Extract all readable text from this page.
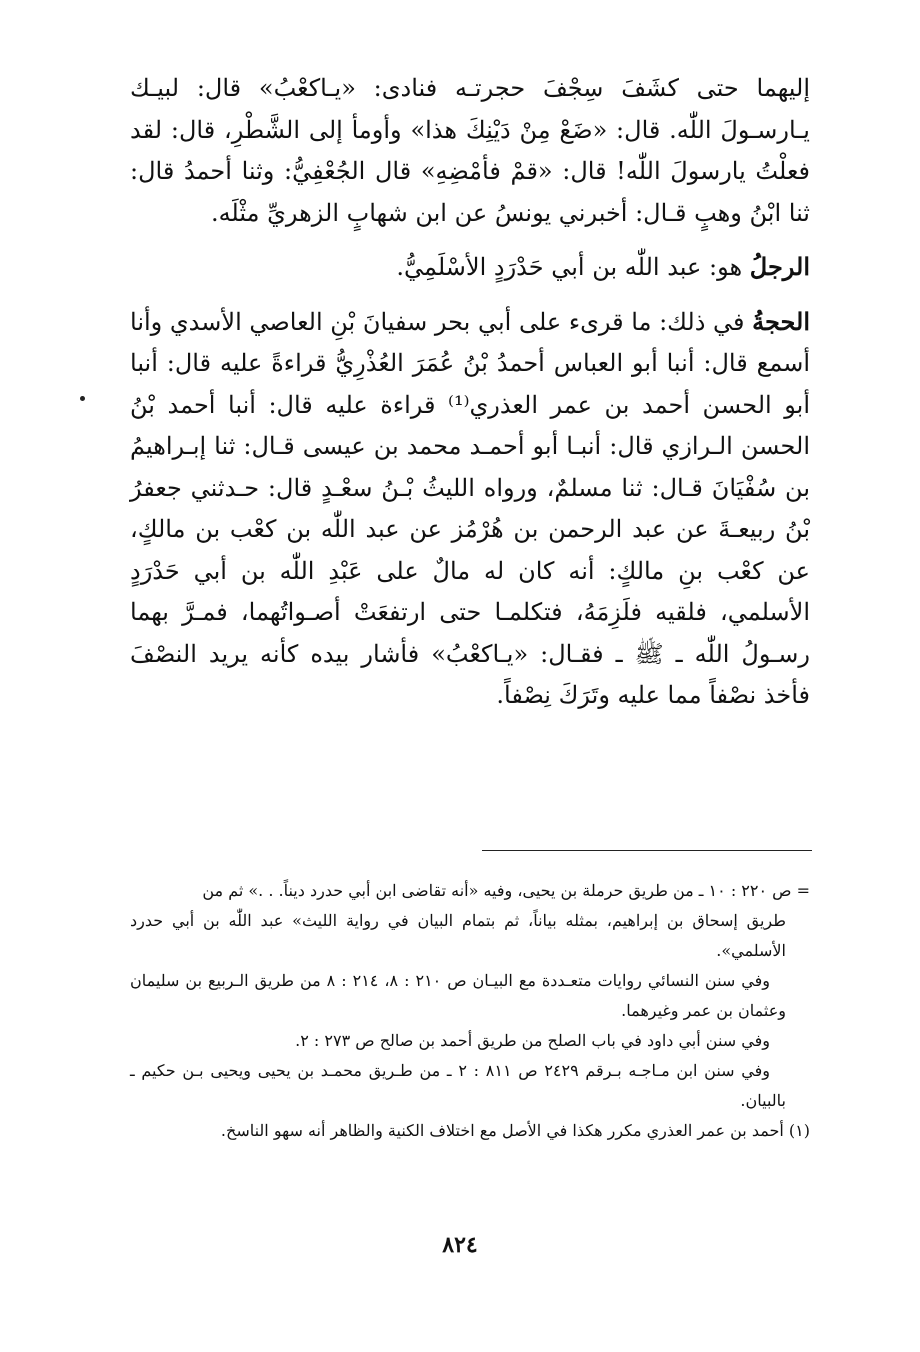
إليهما حتى كشَفَ سِجْفَ حجرتـه فنادى: «يـاكعْبُ» قال: لبيـك يـارسـولَ اللّٰه. قال: «ضَعْ مِنْ دَيْنِكَ هذا» وأومأ إلى الشَّطْرِ، قال: لقد فعلْتُ يارسولَ اللّٰه! قال: «قمْ فأمْضِهِ» قال الجُعْفِيُّ: وثنا أحمدُ قال: ثنا ابْنُ وهبٍ قـال: أخبرني يونسُ عن ابن شهابٍ الزهريِّ مثْلَه.

الرجلُ هو: عبد اللّٰه بن أبي حَدْرَدٍ الأسْلَمِيُّ.

الحجةُ في ذلك: ما قرىء على أبي بحر سفيانَ بْنِ العاصي الأسدي وأنا أسمع قال: أنبا أبو العباس أحمدُ بْنُ عُمَرَ العُذْرِيُّ قراءةً عليه قال: أنبا أبو الحسن أحمد بن عمر العذري⁽¹⁾ قراءة عليه قال: أنبا أحمد بْنُ الحسن الـرازي قال: أنبـا أبو أحمـد محمد بن عيسى قـال: ثنا إبـراهيمُ بن سُفْيَانَ قـال: ثنا مسلمٌ، ورواه الليثُ بْـنُ سعْـدٍ قال: حـدثني جعفرُ بْنُ ربيعـةَ عن عبد الرحمن بن هُرْمُز عن عبد اللّٰه بن كعْب بن مالكٍ، عن كعْب بنِ مالكٍ: أنه كان له مالٌ على عَبْدِ اللّٰه بن أبي حَدْرَدٍ الأسلمي، فلقيه فلَزِمَهُ، فتكلمـا حتى ارتفعَتْ أصـواتُهما، فمـرَّ بهما رسـولُ اللّٰه ـ ﷺ ـ فقـال: «يـاكعْبُ» فأشار بيده كأنه يريد النصْفَ فأخذ نصْفاً مما عليه وتَرَكَ نِصْفاً.

= ص ٢٢٠ : ١٠ ـ من طريق حرملة بن يحيى، وفيه «أنه تقاضى ابن أبي حدرد ديناً. . .» ثم من

طريق إسحاق بن إبراهيم، بمثله بياناً، ثم بتمام البيان في رواية الليث» عبد اللّٰه بن أبي حدرد الأسلمي».

وفي سنن النسائي روايات متعـددة مع البيـان ص ٢١٠ : ٨، ٢١٤ : ٨ من طريق الـربيع بن سليمان وعثمان بن عمر وغيرهما.

وفي سنن أبي داود في باب الصلح من طريق أحمد بن صالح ص ٢٧٣ : ٢.

وفي سنن ابن مـاجـه بـرقم ٢٤٢٩ ص ٨١١ : ٢ ـ من طـريق محمـد بن يحيى ويحيى بـن حكيم ـ بالبيان.

(١) أحمد بن عمر العذري مكرر هكذا في الأصل مع اختلاف الكنية والظاهر أنه سهو الناسخ.

٨٢٤
